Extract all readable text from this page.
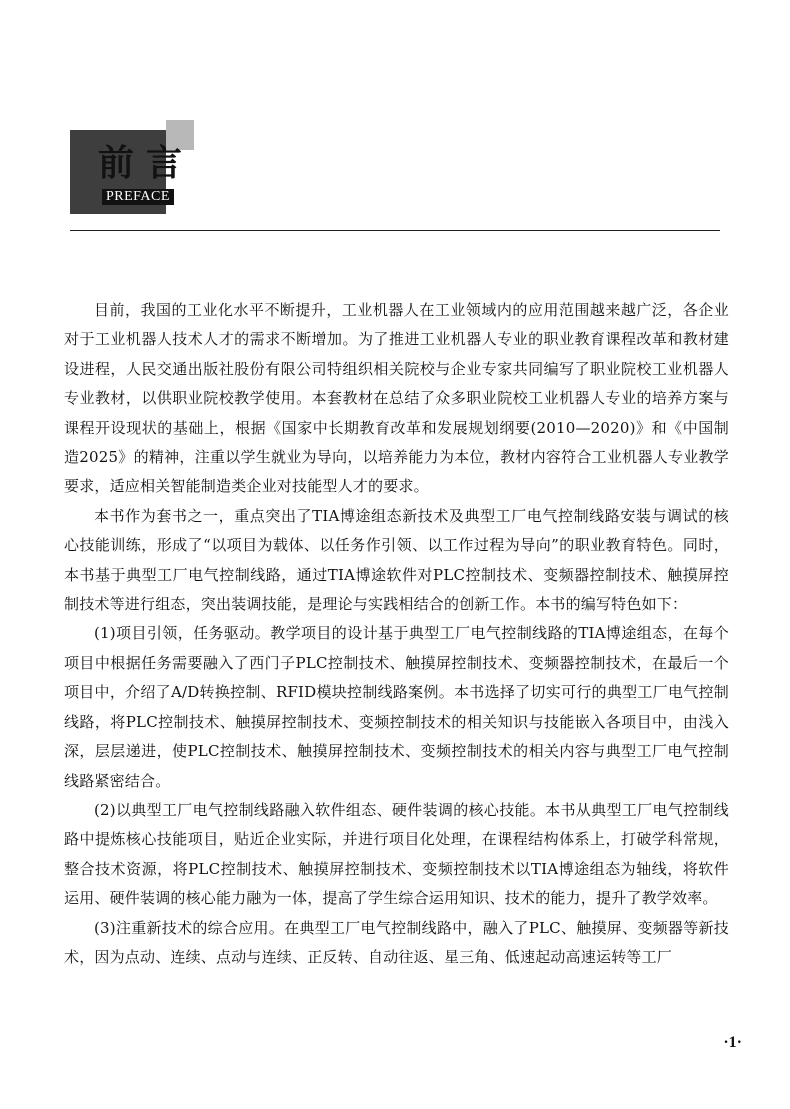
前言
PREFACE

目前，我国的工业化水平不断提升，工业机器人在工业领域内的应用范围越来越广泛，各企业对于工业机器人技术人才的需求不断增加。为了推进工业机器人专业的职业教育课程改革和教材建设进程，人民交通出版社股份有限公司特组织相关院校与企业专家共同编写了职业院校工业机器人专业教材，以供职业院校教学使用。本套教材在总结了众多职业院校工业机器人专业的培养方案与课程开设现状的基础上，根据《国家中长期教育改革和发展规划纲要(2010—2020)》和《中国制造2025》的精神，注重以学生就业为导向，以培养能力为本位，教材内容符合工业机器人专业教学要求，适应相关智能制造类企业对技能型人才的要求。

本书作为套书之一，重点突出了TIA博途组态新技术及典型工厂电气控制线路安装与调试的核心技能训练，形成了“以项目为载体、以任务作引领、以工作过程为导向”的职业教育特色。同时，本书基于典型工厂电气控制线路，通过TIA博途软件对PLC控制技术、变频器控制技术、触摸屏控制技术等进行组态，突出装调技能，是理论与实践相结合的创新工作。本书的编写特色如下：

(1)项目引领，任务驱动。教学项目的设计基于典型工厂电气控制线路的TIA博途组态，在每个项目中根据任务需要融入了西门子PLC控制技术、触摸屏控制技术、变频器控制技术，在最后一个项目中，介绍了A/D转换控制、RFID模块控制线路案例。本书选择了切实可行的典型工厂电气控制线路，将PLC控制技术、触摸屏控制技术、变频控制技术的相关知识与技能嵌入各项目中，由浅入深，层层递进，使PLC控制技术、触摸屏控制技术、变频控制技术的相关内容与典型工厂电气控制线路紧密结合。

(2)以典型工厂电气控制线路融入软件组态、硬件装调的核心技能。本书从典型工厂电气控制线路中提炼核心技能项目，贴近企业实际，并进行项目化处理，在课程结构体系上，打破学科常规，整合技术资源，将PLC控制技术、触摸屏控制技术、变频控制技术以TIA博途组态为轴线，将软件运用、硬件装调的核心能力融为一体，提高了学生综合运用知识、技术的能力，提升了教学效率。

(3)注重新技术的综合应用。在典型工厂电气控制线路中，融入了PLC、触摸屏、变频器等新技术，因为点动、连续、点动与连续、正反转、自动往返、星三角、低速起动高速运转等工厂

·1·
